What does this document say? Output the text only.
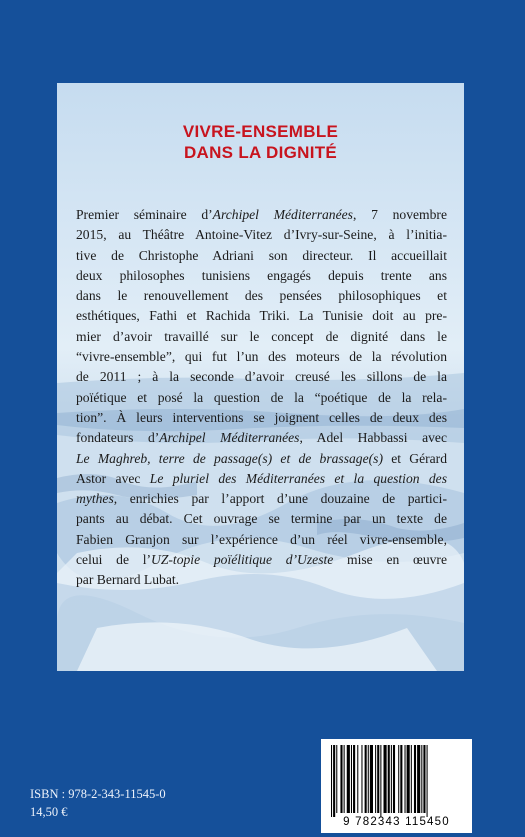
VIVRE-ENSEMBLE
DANS LA DIGNITÉ
Premier séminaire d’Archipel Méditerranées, 7 novembre
2015, au Théâtre Antoine-Vitez d’Ivry-sur-Seine, à l’initia-
tive de Christophe Adriani son directeur. Il accueillait
deux philosophes tunisiens engagés depuis trente ans
dans le renouvellement des pensées philosophiques et
esthétiques, Fathi et Rachida Triki. La Tunisie doit au pre-
mier d’avoir travaillé sur le concept de dignité dans le
“vivre-ensemble”, qui fut l’un des moteurs de la révolution
de 2011 ; à la seconde d’avoir creusé les sillons de la
poïétique et posé la question de la “poétique de la rela-
tion”. À leurs interventions se joignent celles de deux des
fondateurs d’Archipel Méditerranées, Adel Habbassi avec
Le Maghreb, terre de passage(s) et de brassage(s) et Gérard
Astor avec Le pluriel des Méditerranées et la question des
mythes, enrichies par l’apport d’une douzaine de partici-
pants au débat. Cet ouvrage se termine par un texte de
Fabien Granjon sur l’expérience d’un réel vivre-ensemble,
celui de l’UZ-topie poïélitique d’Uzeste mise en œuvre
par Bernard Lubat.
ISBN : 978-2-343-11545-0
14,50 €
9 782343 115450
